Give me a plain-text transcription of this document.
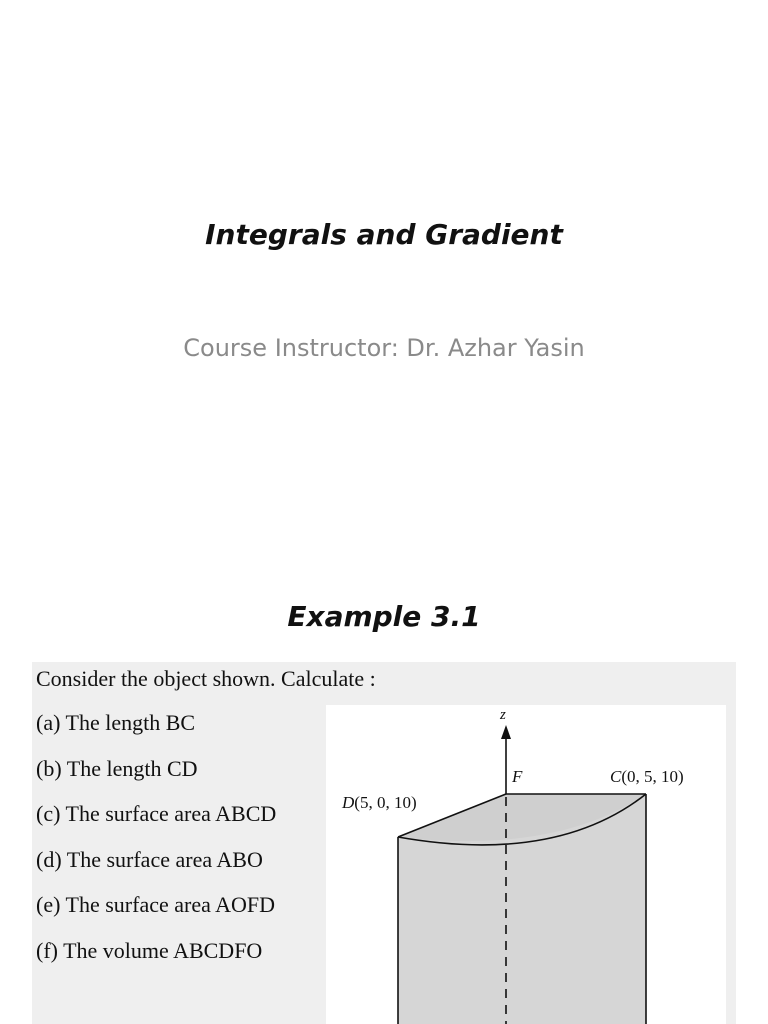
Integrals and Gradient
Course Instructor: Dr. Azhar Yasin
Example 3.1
Consider the object shown. Calculate :
(a) The length BC
(b) The length CD
(c) The surface area ABCD
(d) The surface area ABO
(e) The surface area AOFD
(f) The volume ABCDFO
z
F	C(0, 5, 10)
D(5, 0, 10)
